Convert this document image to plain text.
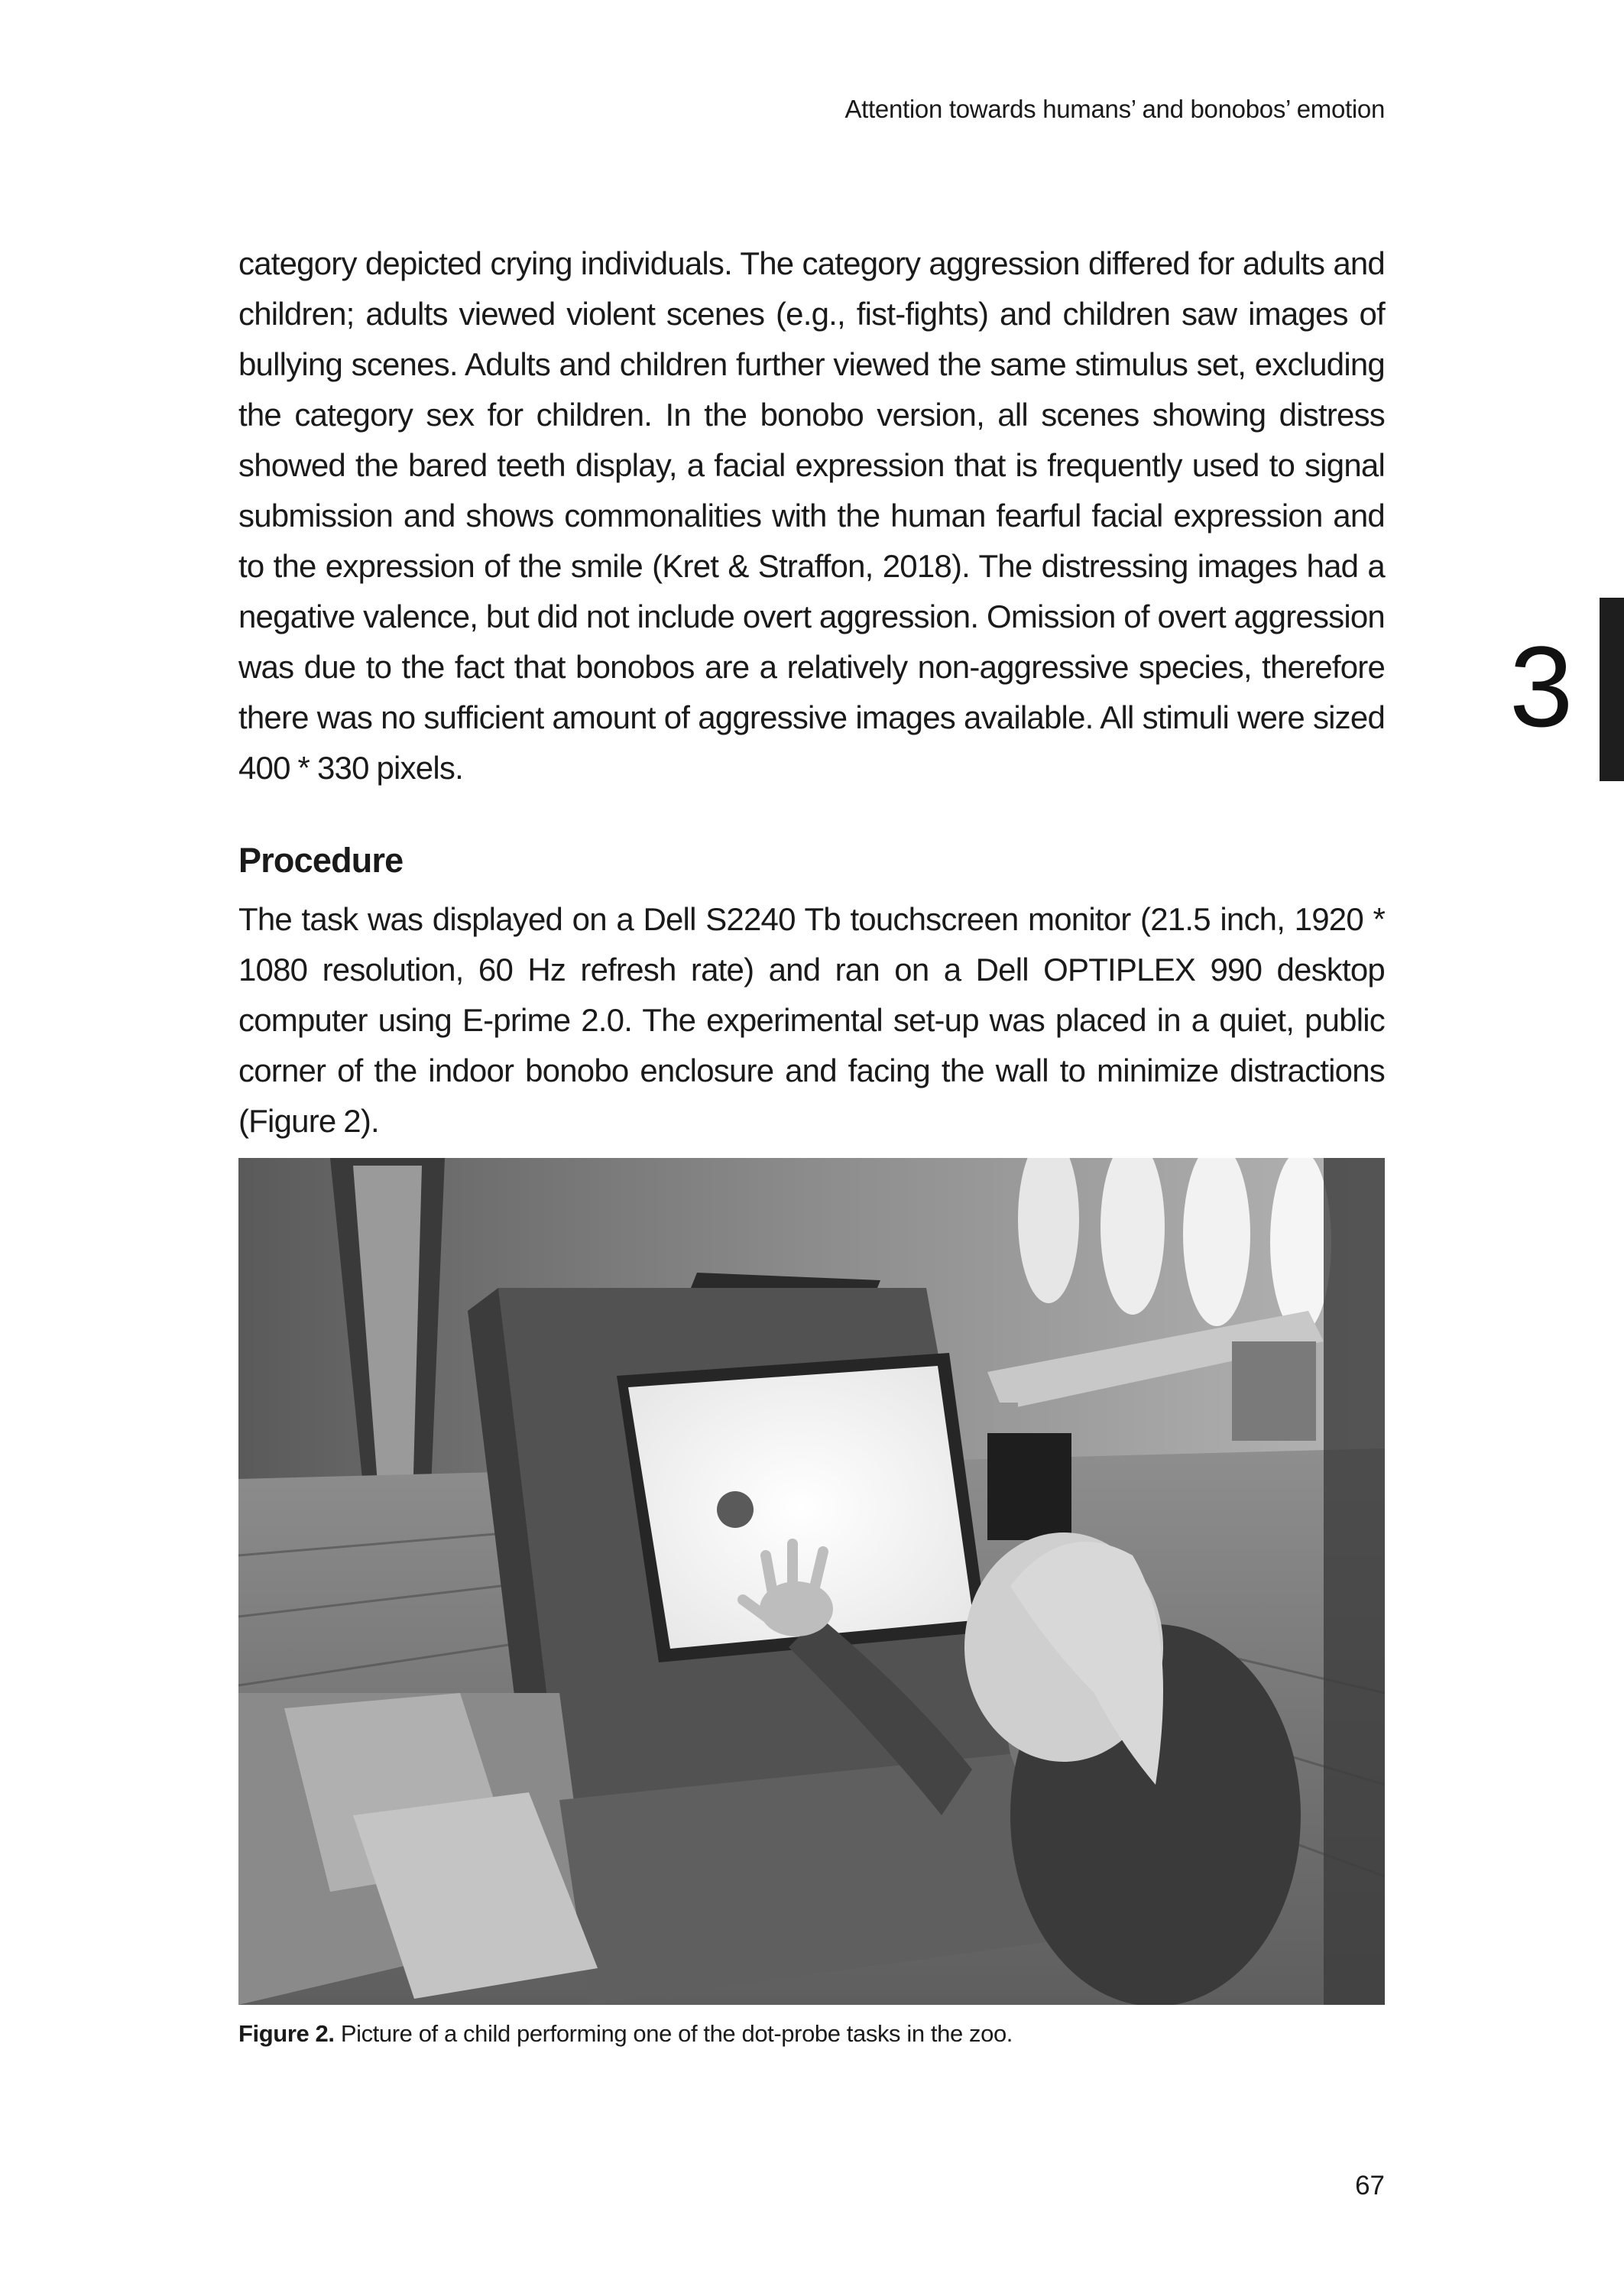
Attention towards humans’ and bonobos’ emotion
3

category depicted crying individuals. The category aggression differed for adults and children; adults viewed violent scenes (e.g., fist-fights) and children saw images of bullying scenes. Adults and children further viewed the same stimulus set, excluding the category sex for children. In the bonobo version, all scenes showing distress showed the bared teeth display, a facial expression that is frequently used to signal submission and shows commonalities with the human fearful facial expression and to the expression of the smile (Kret & Straffon, 2018). The distressing images had a negative valence, but did not include overt aggression. Omission of overt aggression was due to the fact that bonobos are a relatively non-aggressive species, therefore there was no sufficient amount of aggressive images available. All stimuli were sized 400 * 330 pixels.

Procedure

The task was displayed on a Dell S2240 Tb touchscreen monitor (21.5 inch, 1920 * 1080 resolution, 60 Hz refresh rate) and ran on a Dell OPTIPLEX 990 desktop computer using E-prime 2.0. The experimental set-up was placed in a quiet, public corner of the indoor bonobo enclosure and facing the wall to minimize distractions (Figure 2).

Figure 2. Picture of a child performing one of the dot-probe tasks in the zoo.
67
